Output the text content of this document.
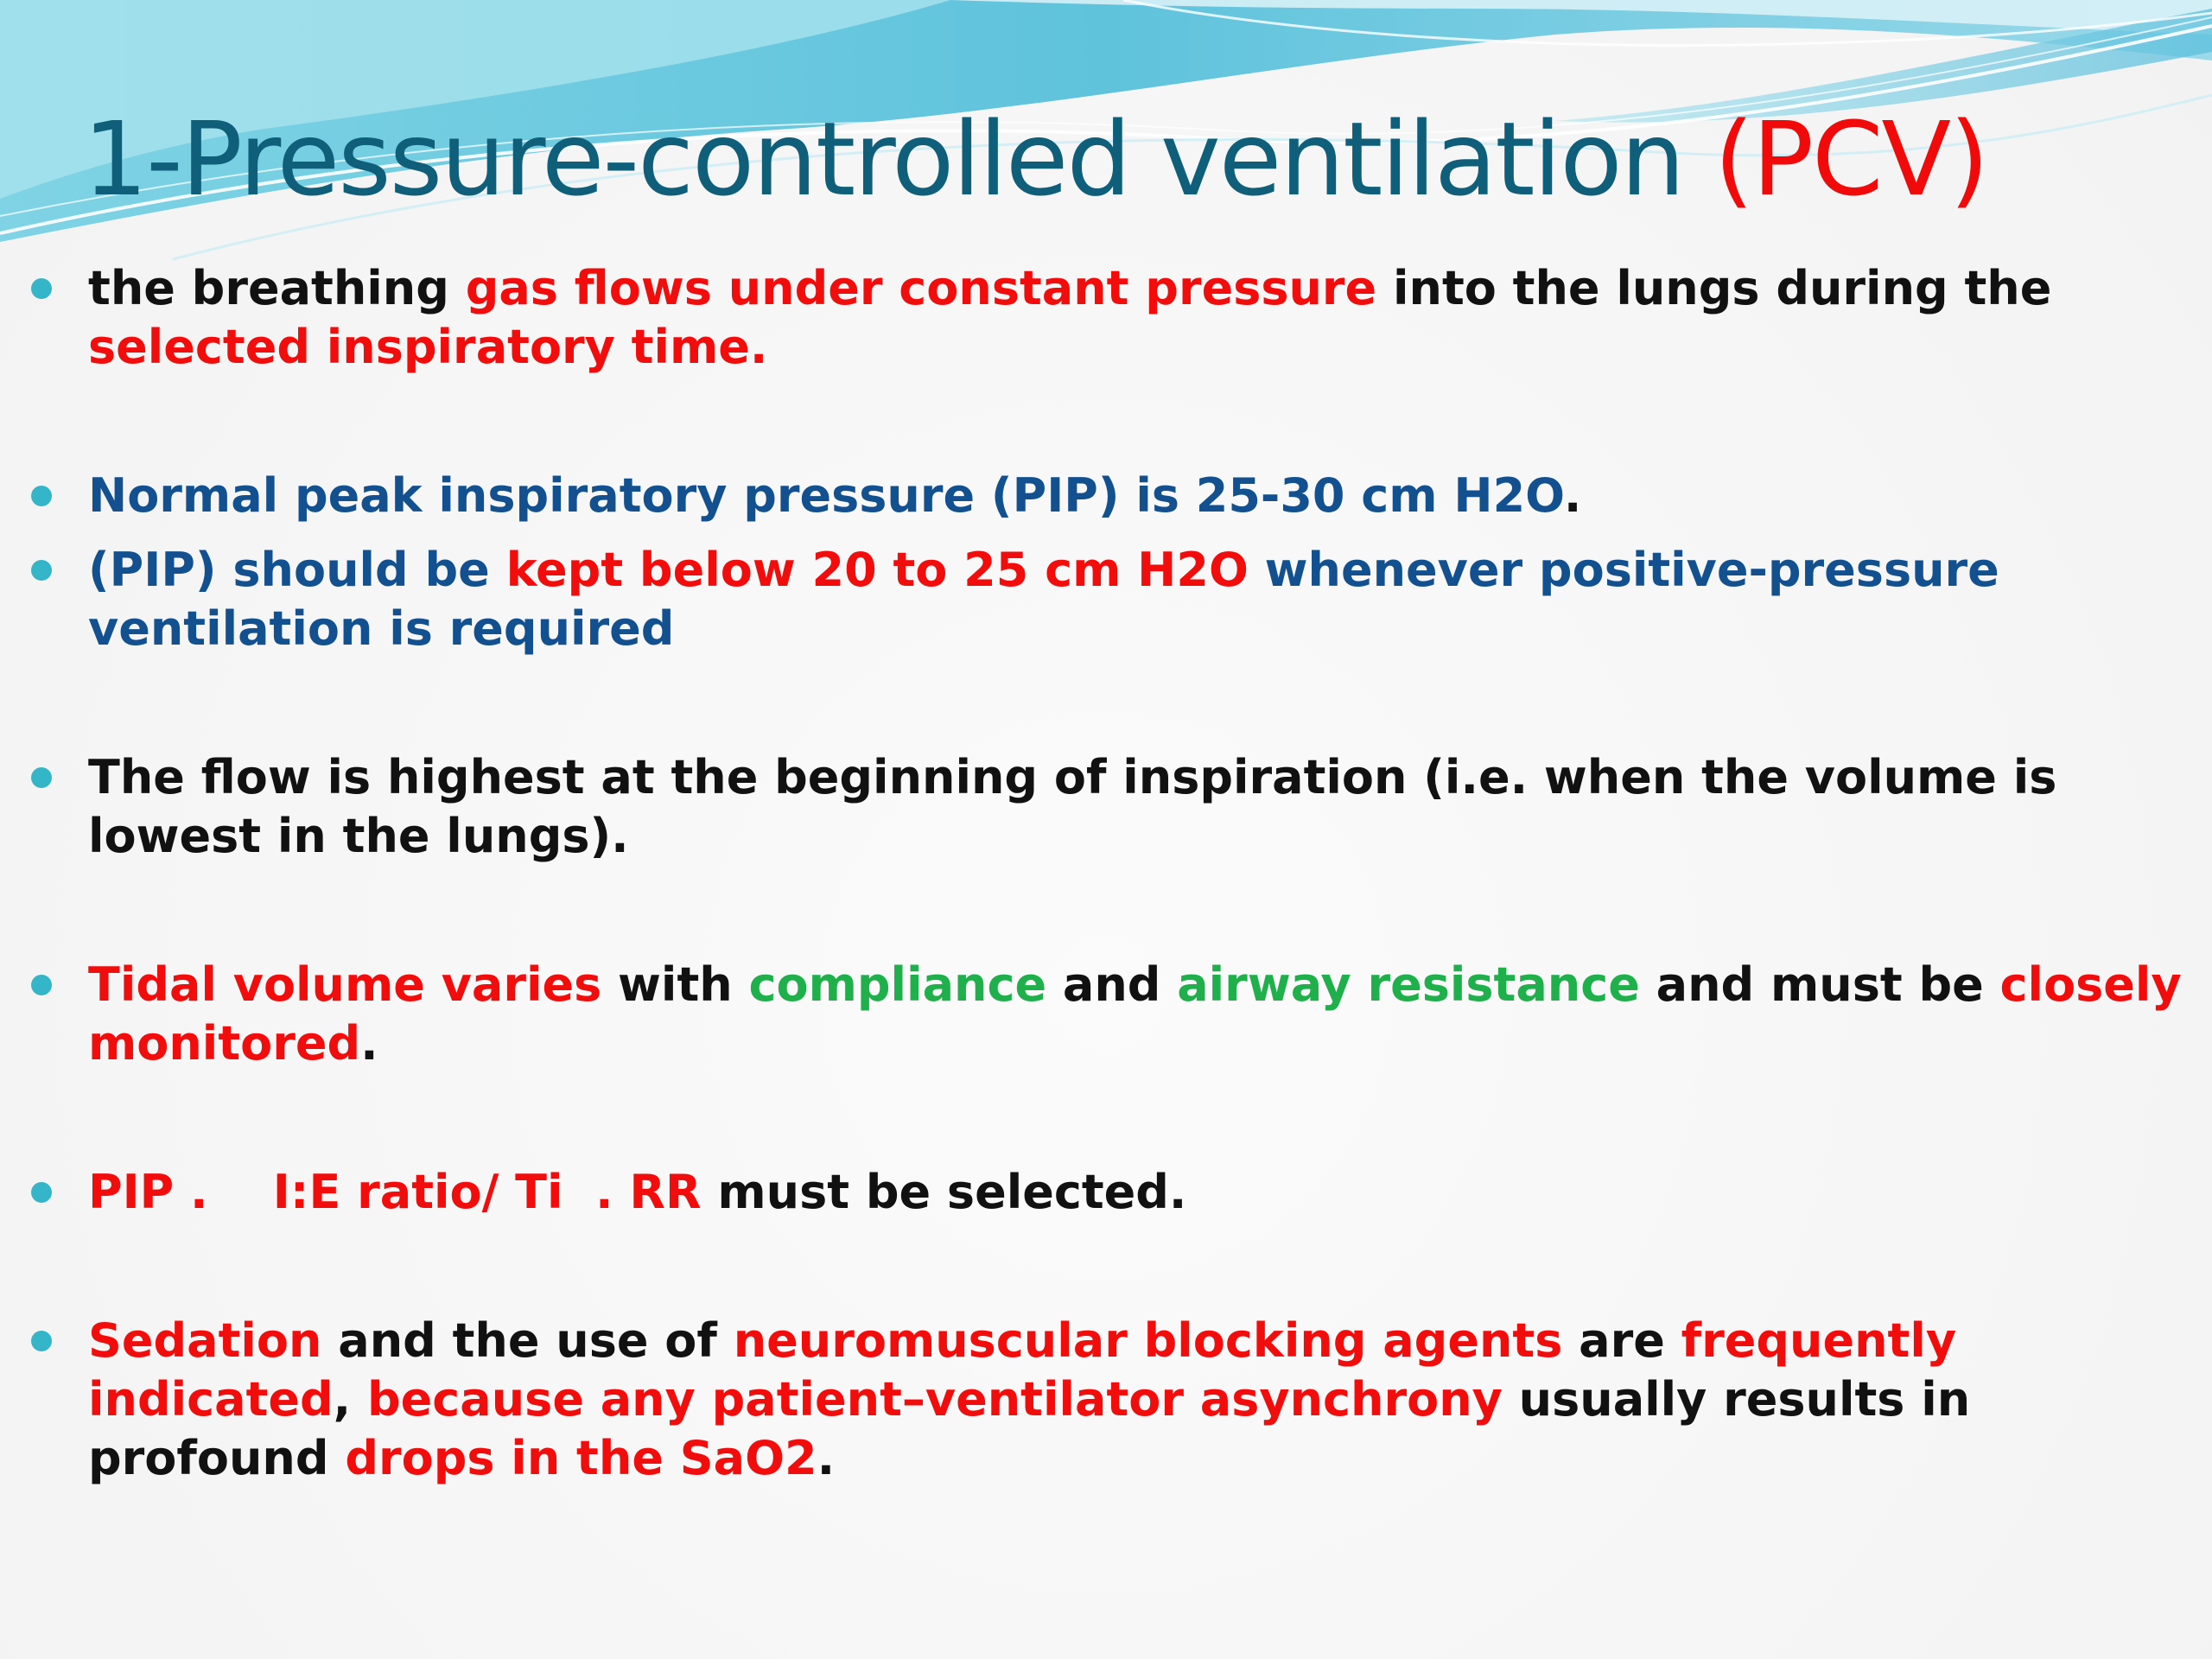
1-Pressure-controlled ventilation (PCV)
the breathing gas flows under constant pressure into the lungs during the selected inspiratory time.
Normal peak inspiratory pressure (PIP) is 25-30 cm H2O.
(PIP) should be kept below 20 to 25 cm H2O whenever positive-pressure ventilation is required
The flow is highest at the beginning of inspiration (i.e. when the volume is lowest in the lungs).
Tidal volume varies with compliance and airway resistance and must be closely monitored.
PIP .    I:E ratio/ Ti  . RR must be selected.
Sedation and the use of neuromuscular blocking agents are frequently indicated, because any patient–ventilator asynchrony usually results in profound drops in the SaO2.
